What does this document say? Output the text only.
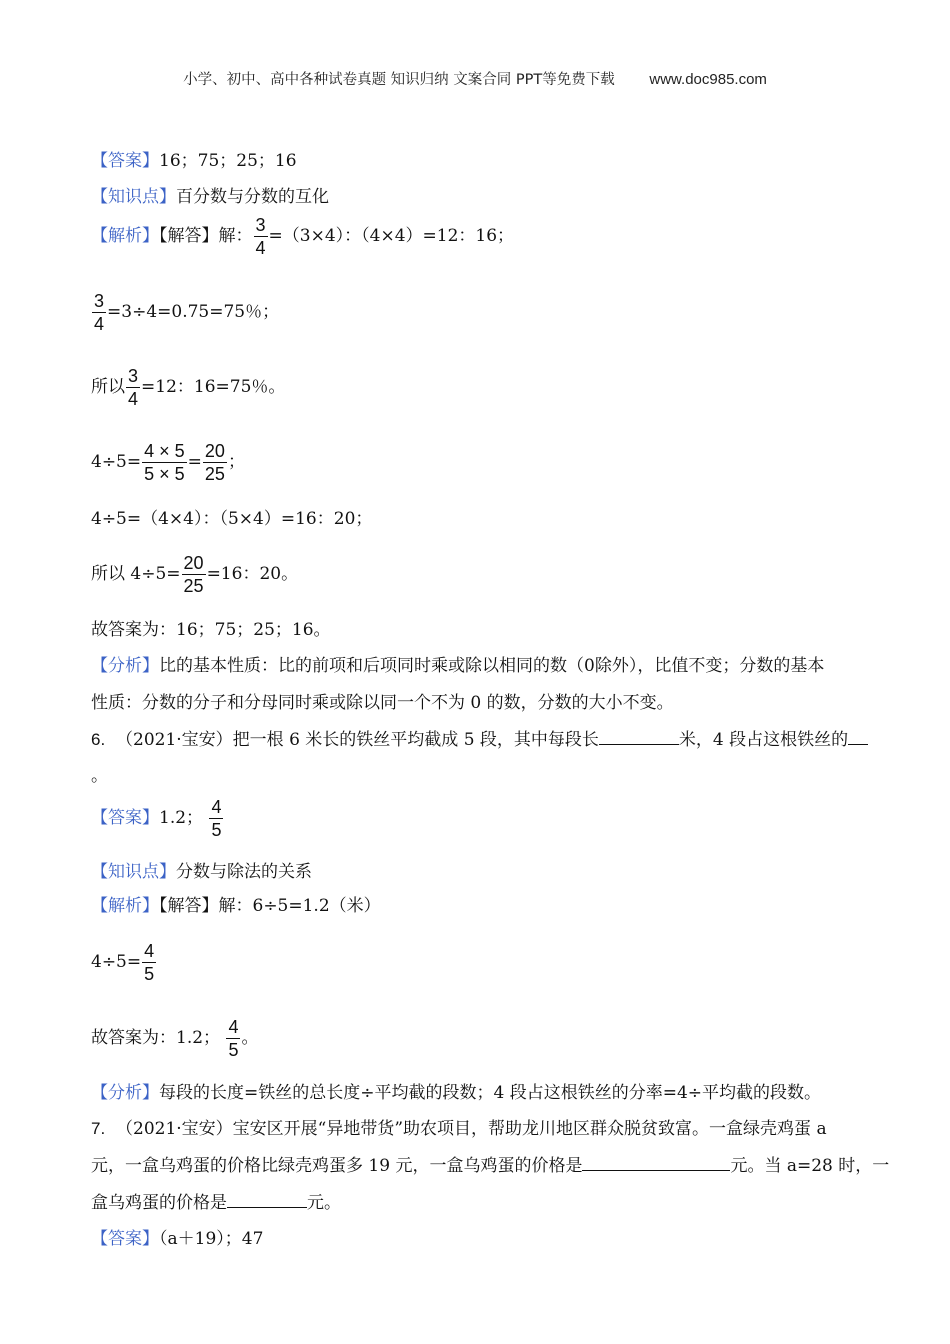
小学、初中、高中各种试卷真题 知识归纳 文案合同 PPT等免费下载 www.doc985.com
【答案】16；75；25；16
【知识点】百分数与分数的互化
【解析】【解答】解： $\frac{3}{4} =(3\times 4)$：（4×4）=12：16；
$\frac{3}{4} =3\div 4=0.75=75$％；
所以 $\frac{3}{4} =12$：16=75％。
$4\div 5= \frac{4 \times 5}{5 \times 5} = \frac{20}{25}$ ；
4÷5=（4×4）：（5×4）=16：20；
所以 $4\div 5= \frac{20}{25} =16$：20。
故答案为：16；75；25；16。
【分析】比的基本性质：比的前项和后项同时乘或除以相同的数（0除外），比值不变；分数的基本
性质：分数的分子和分母同时乘或除以同一个不为 0 的数，分数的大小不变。
6. （2021·宝安）把一根 6 米长的铁丝平均截成 5 段，其中每段长	米，4 段占这根铁丝的
。
【答案】1.2； $\frac{4}{5}$
【知识点】分数与除法的关系
【解析】【解答】解：6÷5=1.2（米）
$4\div 5= \frac{4}{5}$
故答案为：1.2； $\frac{4}{5}$ 。
【分析】每段的长度=铁丝的总长度÷平均截的段数；4 段占这根铁丝的分率=4÷平均截的段数。
7. （2021·宝安）宝安区开展“异地带货”助农项目，帮助龙川地区群众脱贫致富。一盒绿壳鸡蛋 a
元，一盒乌鸡蛋的价格比绿壳鸡蛋多 19 元，一盒乌鸡蛋的价格是	元。当 a=28 时，一
盒乌鸡蛋的价格是	元。
【答案】（a＋19）；47
